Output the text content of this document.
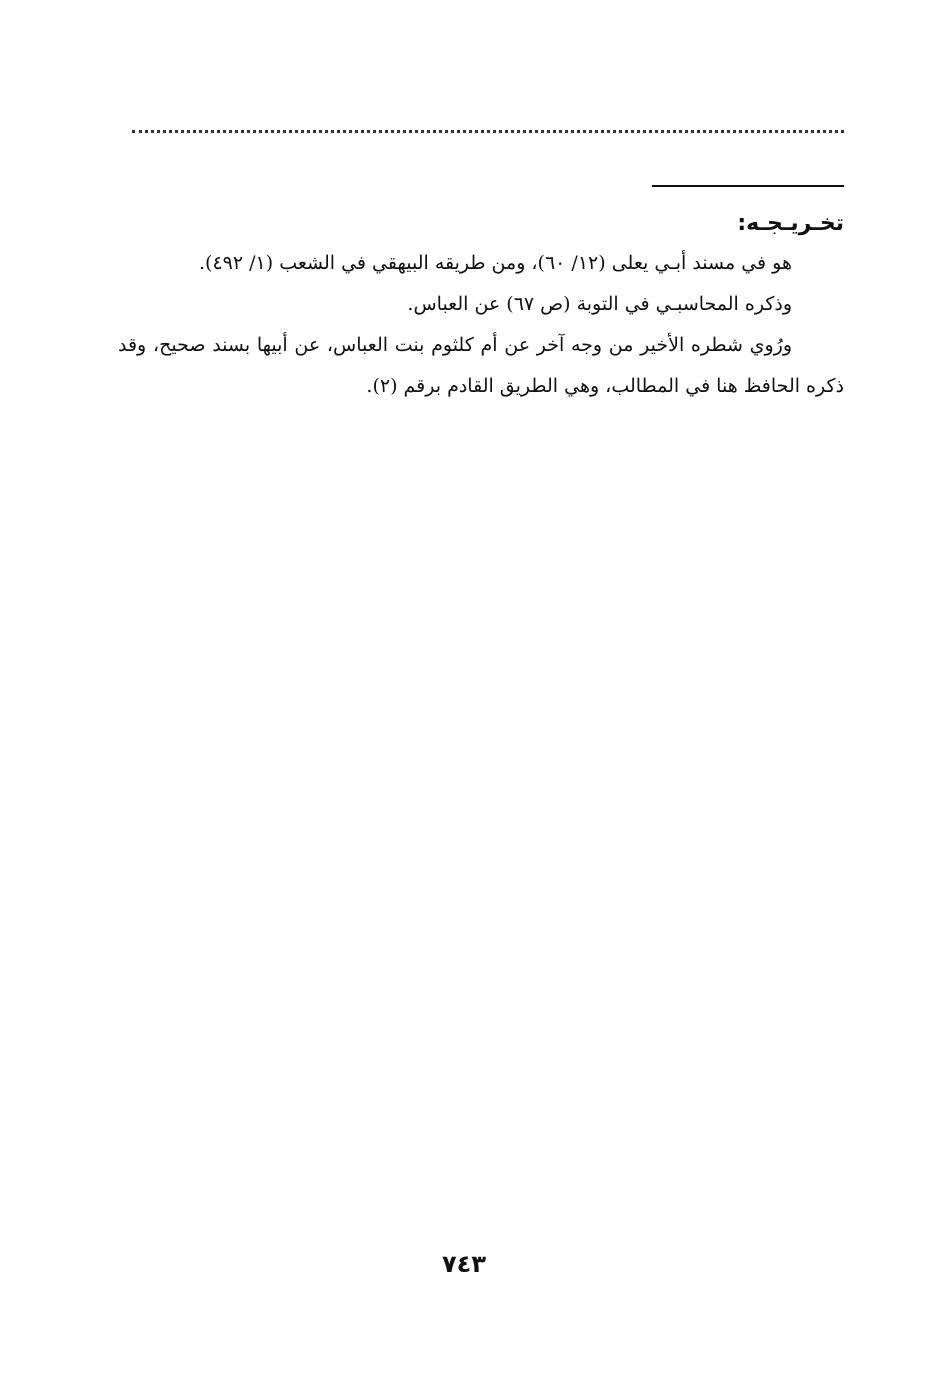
تخـريـجـه:

هو في مسند أبـي يعلى (١٢/ ٦٠)، ومن طريقه البيهقي في الشعب (١/ ٤٩٢).

وذكره المحاسبـي في التوبة (ص ٦٧) عن العباس.

ورُوي شطره الأخير من وجه آخر عن أم كلثوم بنت العباس، عن أبيها بسند صحيح، وقد ذكره الحافظ هنا في المطالب، وهي الطريق القادم برقم (٢).

٧٤٣
